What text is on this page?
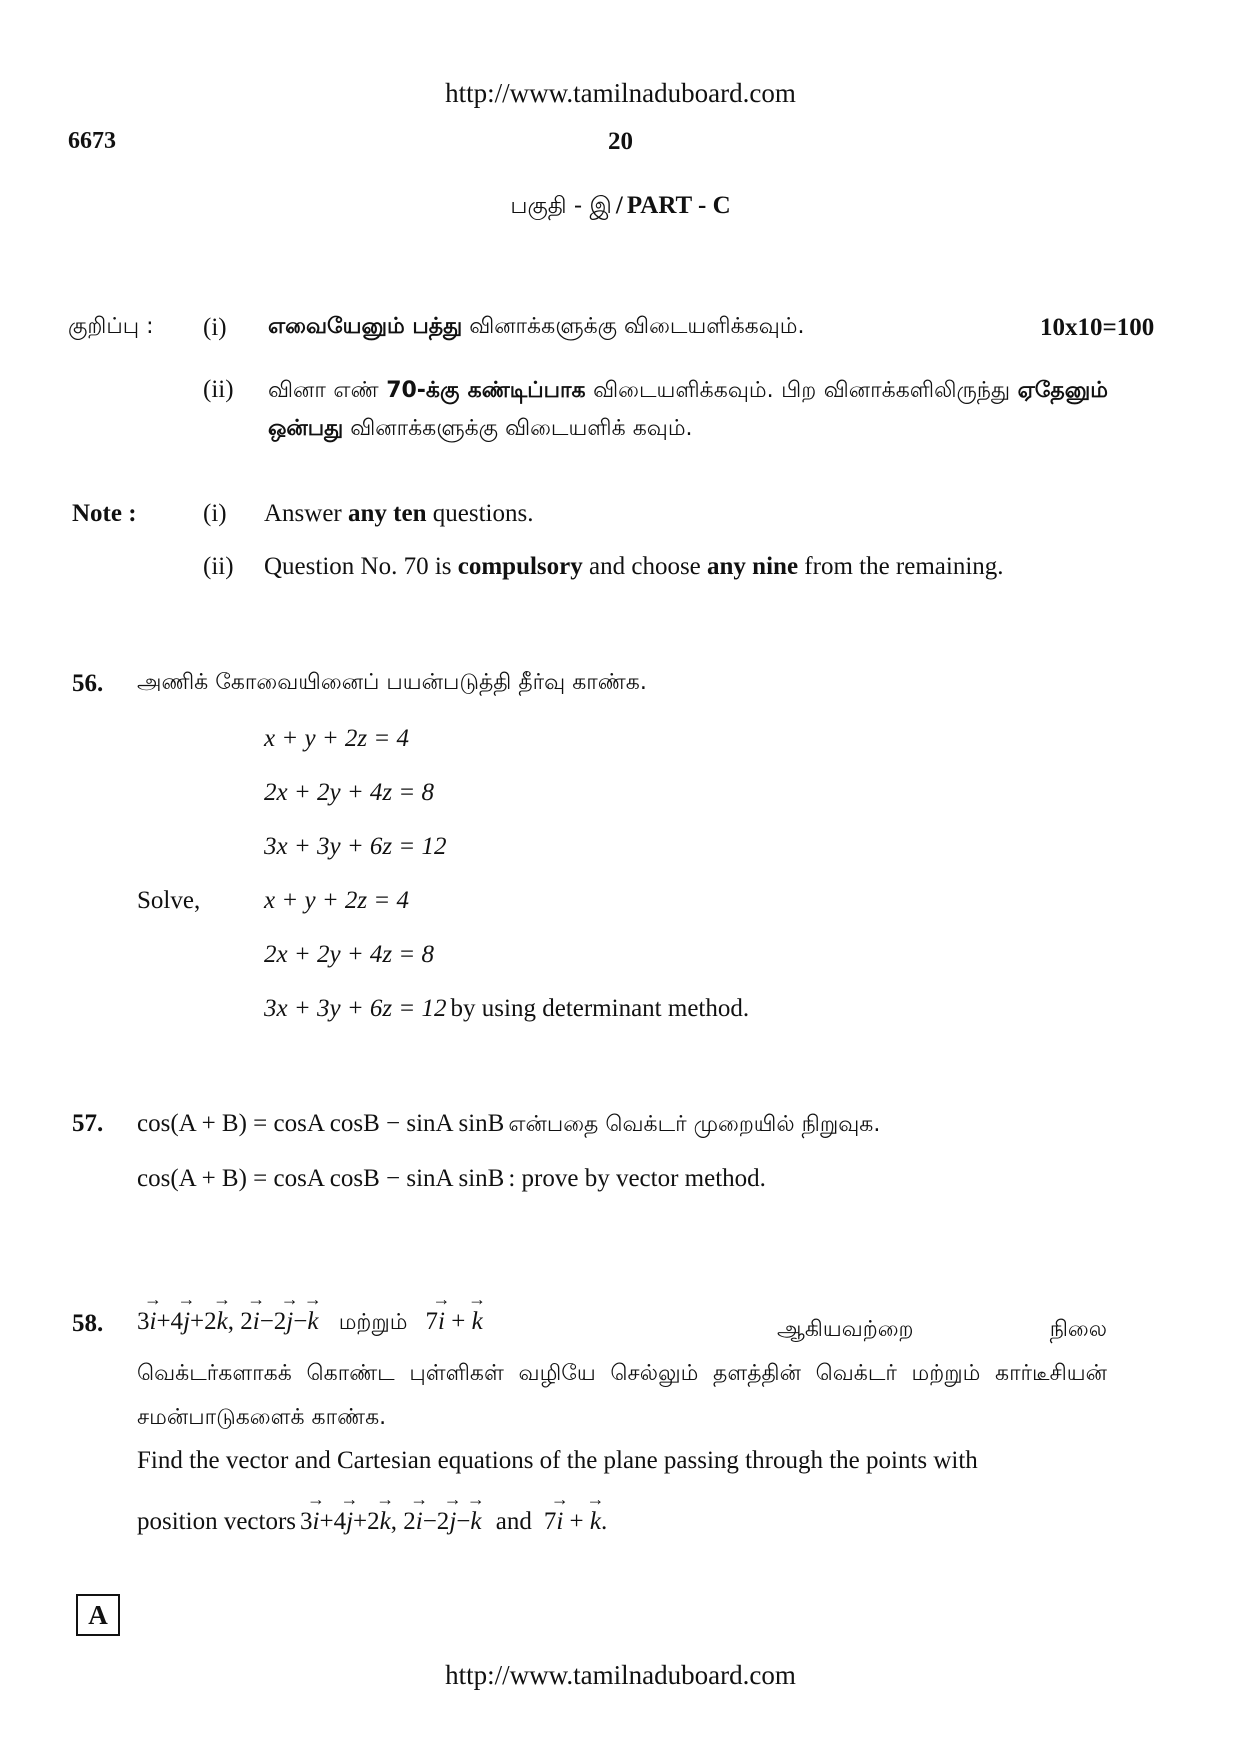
http://www.tamilnaduboard.com
6673	20
பகுதி - இ / PART - C
குறிப்பு : (i) எவையேனும் பத்து வினாக்களுக்கு விடையளிக்கவும்.	10x10=100
(ii) வினா எண் 70-க்கு கண்டிப்பாக விடையளிக்கவும். பிற வினாக்களிலிருந்து ஏதேனும் ஒன்பது வினாக்களுக்கு விடையளிக் கவும்.
Note :	(i) Answer any ten questions.
(ii) Question No. 70 is compulsory and choose any nine from the remaining.
56. அணிக் கோவையினைப் பயன்படுத்தி தீர்வு காண்க.
x + y + 2z = 4
2x + 2y + 4z = 8
3x + 3y + 6z = 12
Solve,	x + y + 2z = 4
2x + 2y + 4z = 8
3x + 3y + 6z = 12 by using determinant method.
57. cos(A + B) = cosA cosB − sinA sinB என்பதை வெக்டர் முறையில் நிறுவுக.
cos(A + B) = cosA cosB − sinA sinB : prove by vector method.
58. 3→ i+4→ j+2→ k, 2→ i−2→ j−→ k மற்றும் 7→ i + → k	ஆகியவற்றை நிலை வெக்டர்களாகக் கொண்ட புள்ளிகள் வழியே செல்லும் தளத்தின் வெக்டர் மற்றும் கார்டீசியன் சமன்பாடுகளைக் காண்க.
Find the vector and Cartesian equations of the plane passing through the points with
position vectors 3→ i+4→ j+2→ k, 2→ i−2→ j−→ k and 7→ i + → k.
A
http://www.tamilnaduboard.com
